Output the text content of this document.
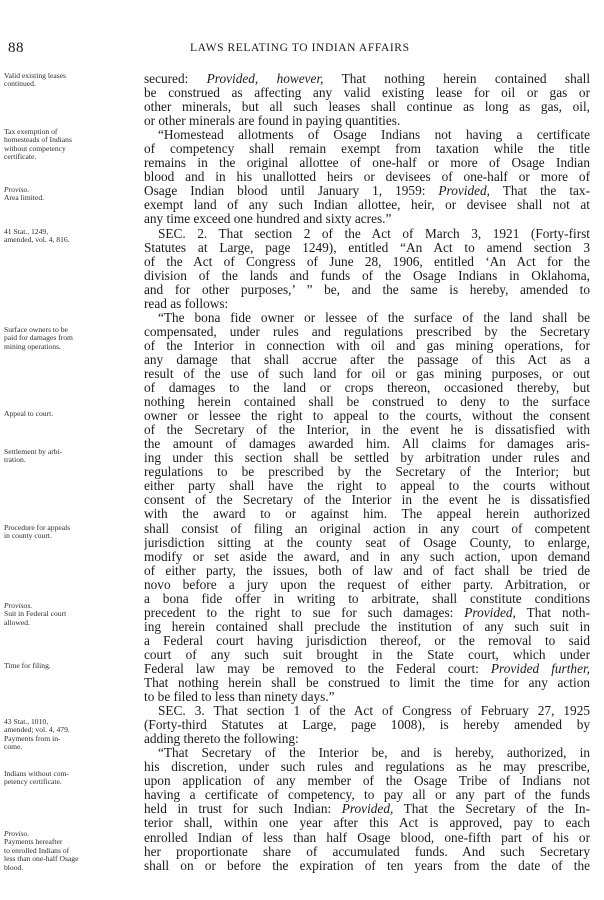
88	LAWS RELATING TO INDIAN AFFAIRS
Valid existing leases
continued.
Tax exemption of
homesteads of Indians
without competency
certificate.
Proviso.
Area limited.
41 Stat., 1249,
amended, vol. 4, 816.
Surface owners to be
paid for damages from
mining operations.
Appeal to court.
Settlement by arbi-
tration.
Procedure for appeals
in county court.
Provisos.
Suit in Federal court
allowed.
Time for filing.
43 Stat., 1010,
amended; vol. 4, 479.
Payments from in-
come.
Indians without com-
petency certificate.
Proviso.
Payments hereafter
to enrolled Indians of
less than one-half Osage
blood.
secured: Provided, however, That nothing herein contained shall
be construed as affecting any valid existing lease for oil or gas or
other minerals, but all such leases shall continue as long as gas, oil,
or other minerals are found in paying quantities.
“Homestead allotments of Osage Indians not having a certificate
of competency shall remain exempt from taxation while the title
remains in the original allottee of one-half or more of Osage Indian
blood and in his unallotted heirs or devisees of one-half or more of
Osage Indian blood until January 1, 1959: Provided, That the tax-
exempt land of any such Indian allottee, heir, or devisee shall not at
any time exceed one hundred and sixty acres.”
SEC. 2. That section 2 of the Act of March 3, 1921 (Forty-first
Statutes at Large, page 1249), entitled “An Act to amend section 3
of the Act of Congress of June 28, 1906, entitled ‘An Act for the
division of the lands and funds of the Osage Indians in Oklahoma,
and for other purposes,’ ” be, and the same is hereby, amended to
read as follows:
“The bona fide owner or lessee of the surface of the land shall be
compensated, under rules and regulations prescribed by the Secretary
of the Interior in connection with oil and gas mining operations, for
any damage that shall accrue after the passage of this Act as a
result of the use of such land for oil or gas mining purposes, or out
of damages to the land or crops thereon, occasioned thereby, but
nothing herein contained shall be construed to deny to the surface
owner or lessee the right to appeal to the courts, without the consent
of the Secretary of the Interior, in the event he is dissatisfied with
the amount of damages awarded him. All claims for damages aris-
ing under this section shall be settled by arbitration under rules and
regulations to be prescribed by the Secretary of the Interior; but
either party shall have the right to appeal to the courts without
consent of the Secretary of the Interior in the event he is dissatisfied
with the award to or against him. The appeal herein authorized
shall consist of filing an original action in any court of competent
jurisdiction sitting at the county seat of Osage County, to enlarge,
modify or set aside the award, and in any such action, upon demand
of either party, the issues, both of law and of fact shall be tried de
novo before a jury upon the request of either party. Arbitration, or
a bona fide offer in writing to arbitrate, shall constitute conditions
precedent to the right to sue for such damages: Provided, That noth-
ing herein contained shall preclude the institution of any such suit in
a Federal court having jurisdiction thereof, or the removal to said
court of any such suit brought in the State court, which under
Federal law may be removed to the Federal court: Provided further,
That nothing herein shall be construed to limit the time for any action
to be filed to less than ninety days.”
SEC. 3. That section 1 of the Act of Congress of February 27, 1925
(Forty-third Statutes at Large, page 1008), is hereby amended by
adding thereto the following:
“That Secretary of the Interior be, and is hereby, authorized, in
his discretion, under such rules and regulations as he may prescribe,
upon application of any member of the Osage Tribe of Indians not
having a certificate of competency, to pay all or any part of the funds
held in trust for such Indian: Provided, That the Secretary of the In-
terior shall, within one year after this Act is approved, pay to each
enrolled Indian of less than half Osage blood, one-fifth part of his or
her proportionate share of accumulated funds. And such Secretary
shall on or before the expiration of ten years from the date of the
